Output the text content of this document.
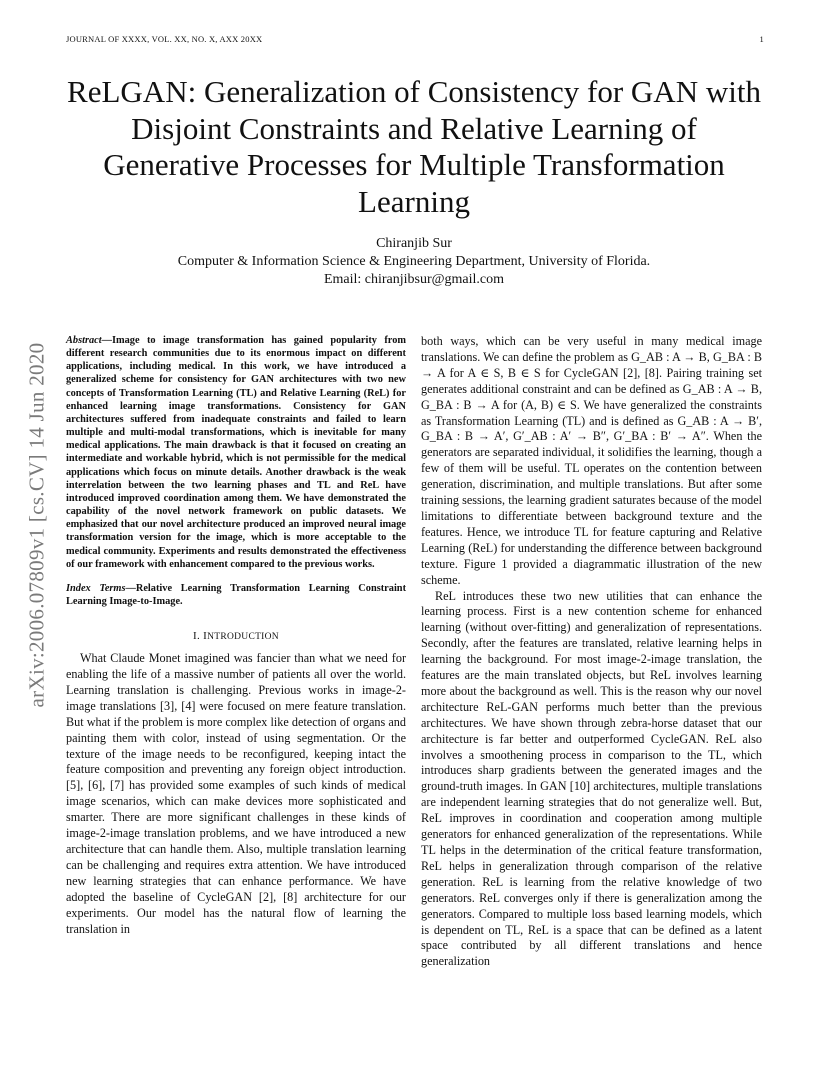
JOURNAL OF XXXX, VOL. XX, NO. X, AXX 20XX	1
arXiv:2006.07809v1 [cs.CV] 14 Jun 2020
ReLGAN: Generalization of Consistency for GAN with Disjoint Constraints and Relative Learning of Generative Processes for Multiple Transformation Learning
Chiranjib Sur
Computer & Information Science & Engineering Department, University of Florida.
Email: chiranjibsur@gmail.com

Abstract—Image to image transformation has gained popularity from different research communities due to its enormous impact on different applications, including medical. In this work, we have introduced a generalized scheme for consistency for GAN architectures with two new concepts of Transformation Learning (TL) and Relative Learning (ReL) for enhanced learning image transformations. Consistency for GAN architectures suffered from inadequate constraints and failed to learn multiple and multi-modal transformations, which is inevitable for many medical applications. The main drawback is that it focused on creating an intermediate and workable hybrid, which is not permissible for the medical applications which focus on minute details. Another drawback is the weak interrelation between the two learning phases and TL and ReL have introduced improved coordination among them. We have demonstrated the capability of the novel network framework on public datasets. We emphasized that our novel architecture produced an improved neural image transformation version for the image, which is more acceptable to the medical community. Experiments and results demonstrated the effectiveness of our framework with enhancement compared to the previous works.

Index Terms—Relative Learning Transformation Learning Constraint Learning Image-to-Image.

I. INTRODUCTION

What Claude Monet imagined was fancier than what we need for enabling the life of a massive number of patients all over the world. Learning translation is challenging. Previous works in image-2-image translations [3], [4] were focused on mere feature translation. But what if the problem is more complex like detection of organs and painting them with color, instead of using segmentation. Or the texture of the image needs to be reconfigured, keeping intact the feature composition and preventing any foreign object introduction. [5], [6], [7] has provided some examples of such kinds of medical image scenarios, which can make devices more sophisticated and smarter. There are more significant challenges in these kinds of image-2-image translation problems, and we have introduced a new architecture that can handle them. Also, multiple translation learning can be challenging and requires extra attention. We have introduced new learning strategies that can enhance performance. We have adopted the baseline of CycleGAN [2], [8] architecture for our experiments. Our model has the natural flow of learning the translation in

both ways, which can be very useful in many medical image translations. We can define the problem as G_AB : A → B, G_BA : B → A for A ∈ S, B ∈ S for CycleGAN [2], [8]. Pairing training set generates additional constraint and can be defined as G_AB : A → B, G_BA : B → A for (A, B) ∈ S. We have generalized the constraints as Transformation Learning (TL) and is defined as G_AB : A → B′, G_BA : B → A′, G′_AB : A′ → B″, G′_BA : B′ → A″. When the generators are separated individual, it solidifies the learning, though a few of them will be useful. TL operates on the contention between generation, discrimination, and multiple translations. But after some training sessions, the learning gradient saturates because of the model limitations to differentiate between background texture and the features. Hence, we introduce TL for feature capturing and Relative Learning (ReL) for understanding the difference between background texture. Figure 1 provided a diagrammatic illustration of the new scheme.

ReL introduces these two new utilities that can enhance the learning process. First is a new contention scheme for enhanced learning (without over-fitting) and generalization of representations. Secondly, after the features are translated, relative learning helps in learning the background. For most image-2-image translation, the features are the main translated objects, but ReL involves learning more about the background as well. This is the reason why our novel architecture ReL-GAN performs much better than the previous architectures. We have shown through zebra-horse dataset that our architecture is far better and outperformed CycleGAN. ReL also involves a smoothening process in comparison to the TL, which introduces sharp gradients between the generated images and the ground-truth images. In GAN [10] architectures, multiple translations are independent learning strategies that do not generalize well. But, ReL improves in coordination and cooperation among multiple generators for enhanced generalization of the representations. While TL helps in the determination of the critical feature transformation, ReL helps in generalization through comparison of the relative generation. ReL is learning from the relative knowledge of two generators. ReL converges only if there is generalization among the generators. Compared to multiple loss based learning models, which is dependent on TL, ReL is a space that can be defined as a latent space contributed by all different translations and hence generalization
